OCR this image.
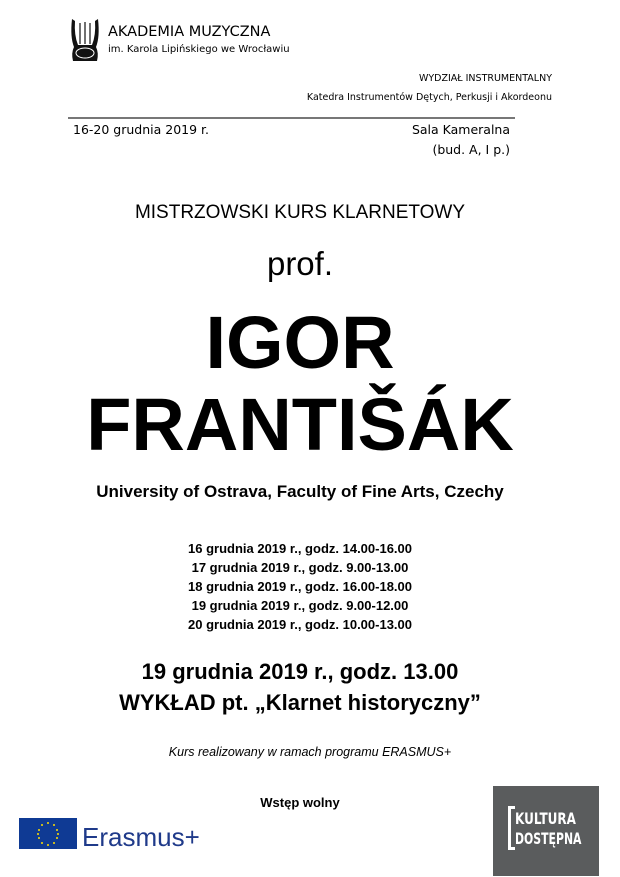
AKADEMIA MUZYCZNA
im. Karola Lipińskiego we Wrocławiu
WYDZIAŁ INSTRUMENTALNY
Katedra Instrumentów Dętych, Perkusji i Akordeonu
16-20 grudnia 2019 r.	Sala Kameralna
(bud. A, I p.)
MISTRZOWSKI KURS KLARNETOWY
prof.
IGOR
FRANTIŠÁK
University of Ostrava, Faculty of Fine Arts, Czechy
16 grudnia 2019 r., godz. 14.00-16.00
17 grudnia 2019 r., godz. 9.00-13.00
18 grudnia 2019 r., godz. 16.00-18.00
19 grudnia 2019 r., godz. 9.00-12.00
20 grudnia 2019 r., godz. 10.00-13.00
19 grudnia 2019 r., godz. 13.00
WYKŁAD pt. „Klarnet historyczny”
Kurs realizowany w ramach programu ERASMUS+
Wstęp wolny
Erasmus+
KULTURA
DOSTĘPNA
